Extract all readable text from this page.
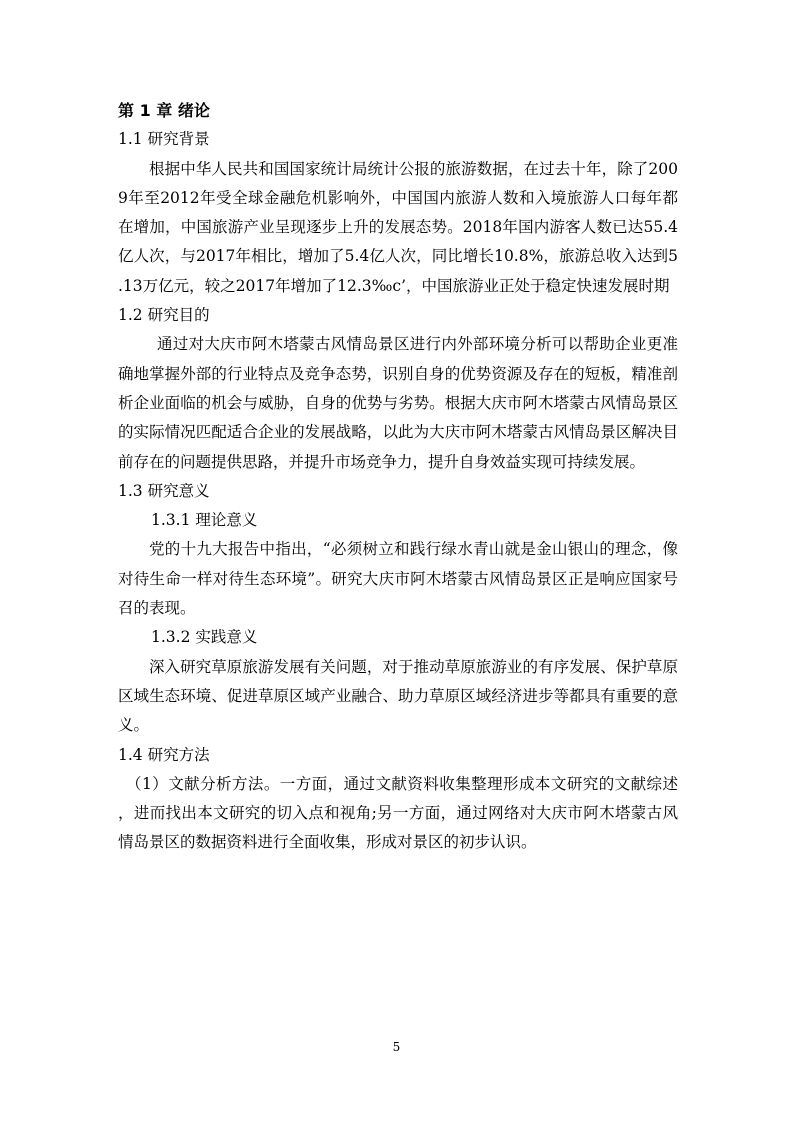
第 1 章 绪论
1.1 研究背景

根据中华人民共和国国家统计局统计公报的旅游数据，在过去十年，除了2009年至2012年受全球金融危机影响外，中国国内旅游人数和入境旅游人口每年都在增加，中国旅游产业呈现逐步上升的发展态势。2018年国内游客人数已达55.4亿人次，与2017年相比，增加了5.4亿人次，同比增长10.8%，旅游总收入达到5.13万亿元，较之2017年增加了12.3‰c’，中国旅游业正处于稳定快速发展时期

1.2 研究目的

通过对大庆市阿木塔蒙古风情岛景区进行内外部环境分析可以帮助企业更准确地掌握外部的行业特点及竞争态势，识别自身的优势资源及存在的短板，精准剖析企业面临的机会与威胁，自身的优势与劣势。根据大庆市阿木塔蒙古风情岛景区的实际情况匹配适合企业的发展战略，以此为大庆市阿木塔蒙古风情岛景区解决目前存在的问题提供思路，并提升市场竞争力，提升自身效益实现可持续发展。

1.3 研究意义
1.3.1 理论意义

党的十九大报告中指出，“必须树立和践行绿水青山就是金山银山的理念，像对待生命一样对待生态环境”。研究大庆市阿木塔蒙古风情岛景区正是响应国家号召的表现。

1.3.2 实践意义

深入研究草原旅游发展有关问题，对于推动草原旅游业的有序发展、保护草原区域生态环境、促进草原区域产业融合、助力草原区域经济进步等都具有重要的意义。

1.4 研究方法

（1）文献分析方法。一方面，通过文献资料收集整理形成本文研究的文献综述，进而找出本文研究的切入点和视角;另一方面，通过网络对大庆市阿木塔蒙古风情岛景区的数据资料进行全面收集，形成对景区的初步认识。

5
